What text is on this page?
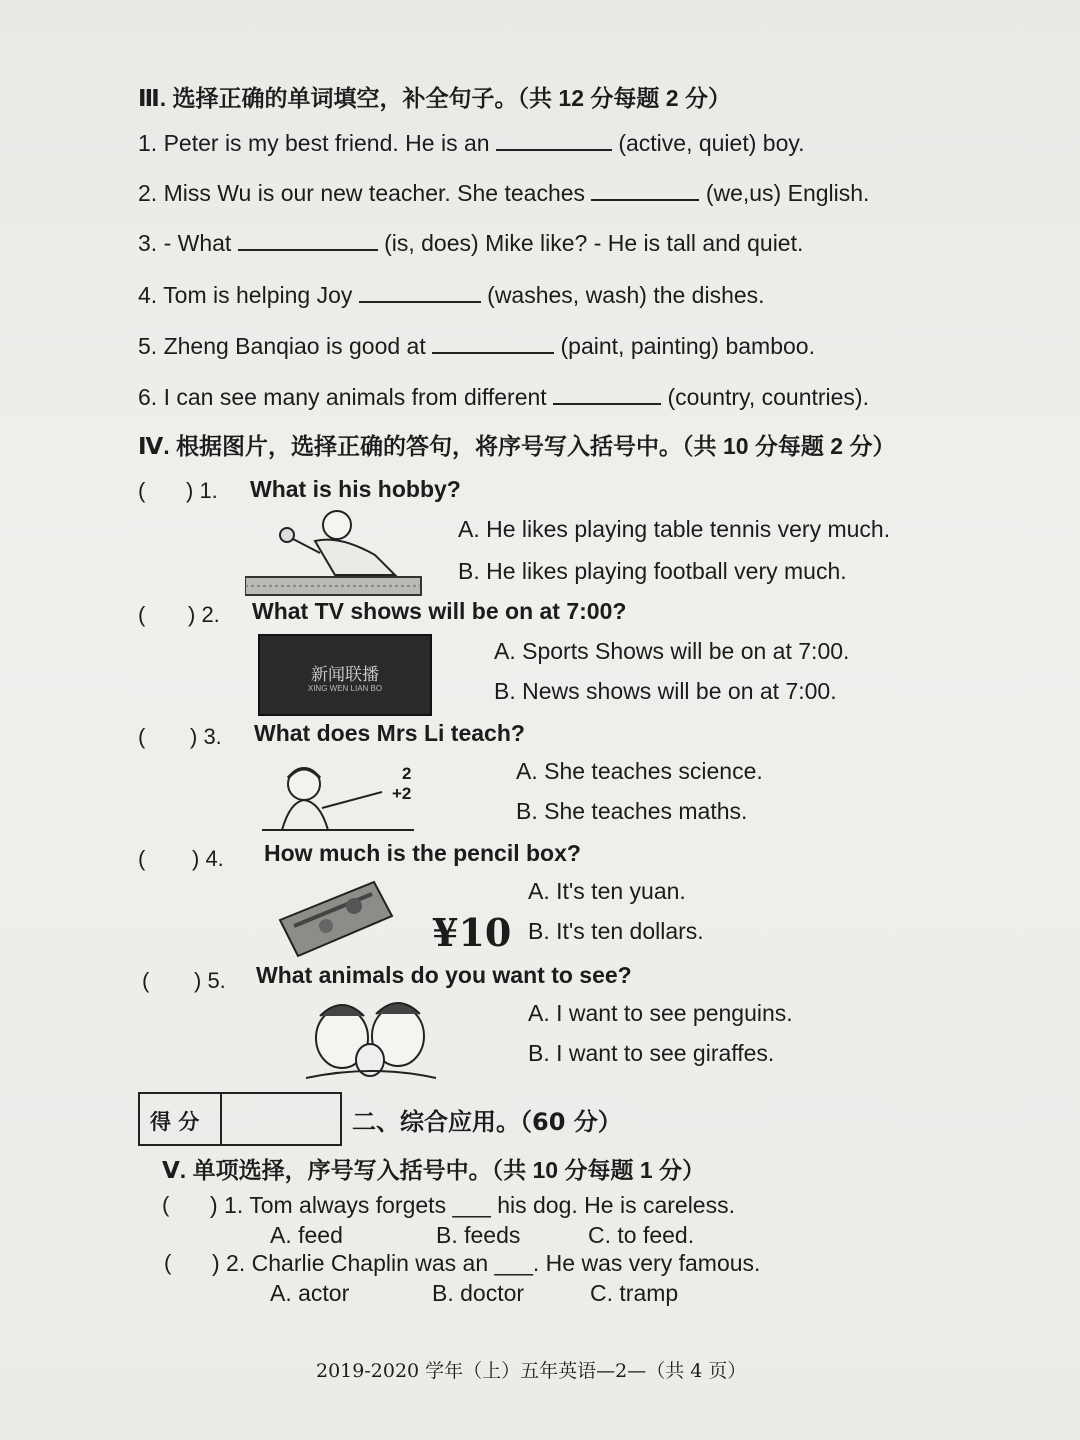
Ⅲ. 选择正确的单词填空，补全句子。（共 12 分每题 2 分）
1. Peter is my best friend. He is an	(active, quiet) boy.
2. Miss Wu is our new teacher. She teaches	(we,us) English.
3. - What	(is, does) Mike like? - He is tall and quiet.
4. Tom is helping Joy	(washes, wash) the dishes.
5. Zheng Banqiao is good at	(paint, painting) bamboo.
6. I can see many animals from different	(country, countries).
Ⅳ. 根据图片，选择正确的答句，将序号写入括号中。（共 10 分每题 2 分）
( ) 1. What is his hobby?
A. He likes playing table tennis very much.
B. He likes playing football very much.
( ) 2. What TV shows will be on at 7:00?
新闻联播
XING WEN LIAN BO
A. Sports Shows will be on at 7:00.
B. News shows will be on at 7:00.
( ) 3. What does Mrs Li teach?
2
+2
A. She teaches science.
B. She teaches maths.
( ) 4. How much is the pencil box?
¥10
A. It's ten yuan.
B. It's ten dollars.
( ) 5. What animals do you want to see?
A. I want to see penguins.
B. I want to see giraffes.
得 分	二、综合应用。（60 分）
Ⅴ. 单项选择，序号写入括号中。（共 10 分每题 1 分）
( ) 1. Tom always forgets ___ his dog. He is careless.
A. feed	B. feeds	C. to feed.
( ) 2. Charlie Chaplin was an ___. He was very famous.
A. actor	B. doctor	C. tramp
2019-2020 学年（上）五年英语—2—（共 4 页）
